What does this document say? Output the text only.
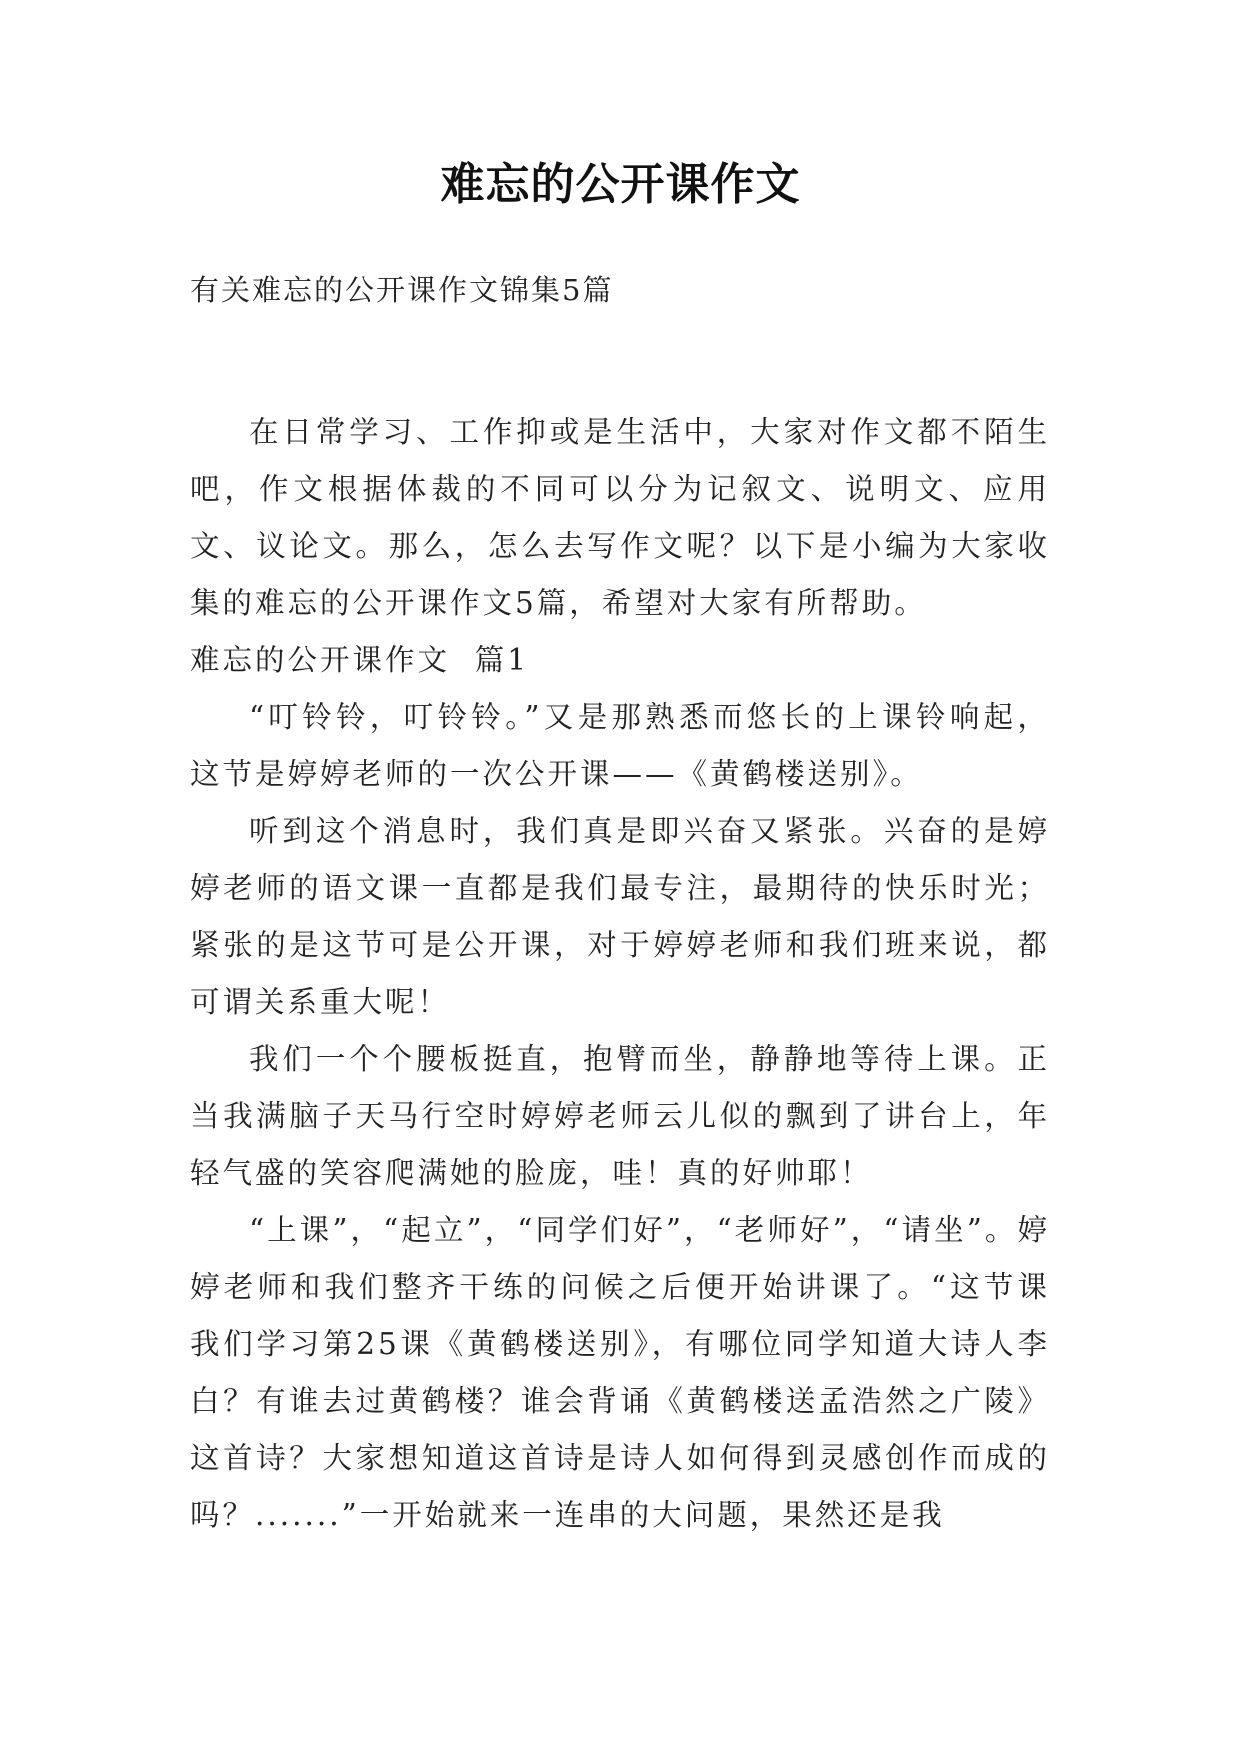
难忘的公开课作文
有关难忘的公开课作文锦集5篇

在日常学习、工作抑或是生活中，大家对作文都不陌生吧，作文根据体裁的不同可以分为记叙文、说明文、应用文、议论文。那么，怎么去写作文呢？以下是小编为大家收集的难忘的公开课作文5篇，希望对大家有所帮助。

难忘的公开课作文  篇1

“叮铃铃，叮铃铃。”又是那熟悉而悠长的上课铃响起，这节是婷婷老师的一次公开课——《黄鹤楼送别》。

听到这个消息时，我们真是即兴奋又紧张。兴奋的是婷婷老师的语文课一直都是我们最专注，最期待的快乐时光；紧张的是这节可是公开课，对于婷婷老师和我们班来说，都可谓关系重大呢！

我们一个个腰板挺直，抱臂而坐，静静地等待上课。正当我满脑子天马行空时婷婷老师云儿似的飘到了讲台上，年轻气盛的笑容爬满她的脸庞，哇！真的好帅耶！

“上课”，“起立”，“同学们好”，“老师好”，“请坐”。婷婷老师和我们整齐干练的问候之后便开始讲课了。“这节课我们学习第25课《黄鹤楼送别》，有哪位同学知道大诗人李白？有谁去过黄鹤楼？谁会背诵《黄鹤楼送孟浩然之广陵》这首诗？大家想知道这首诗是诗人如何得到灵感创作而成的吗？.......”一开始就来一连串的大问题，果然还是我
